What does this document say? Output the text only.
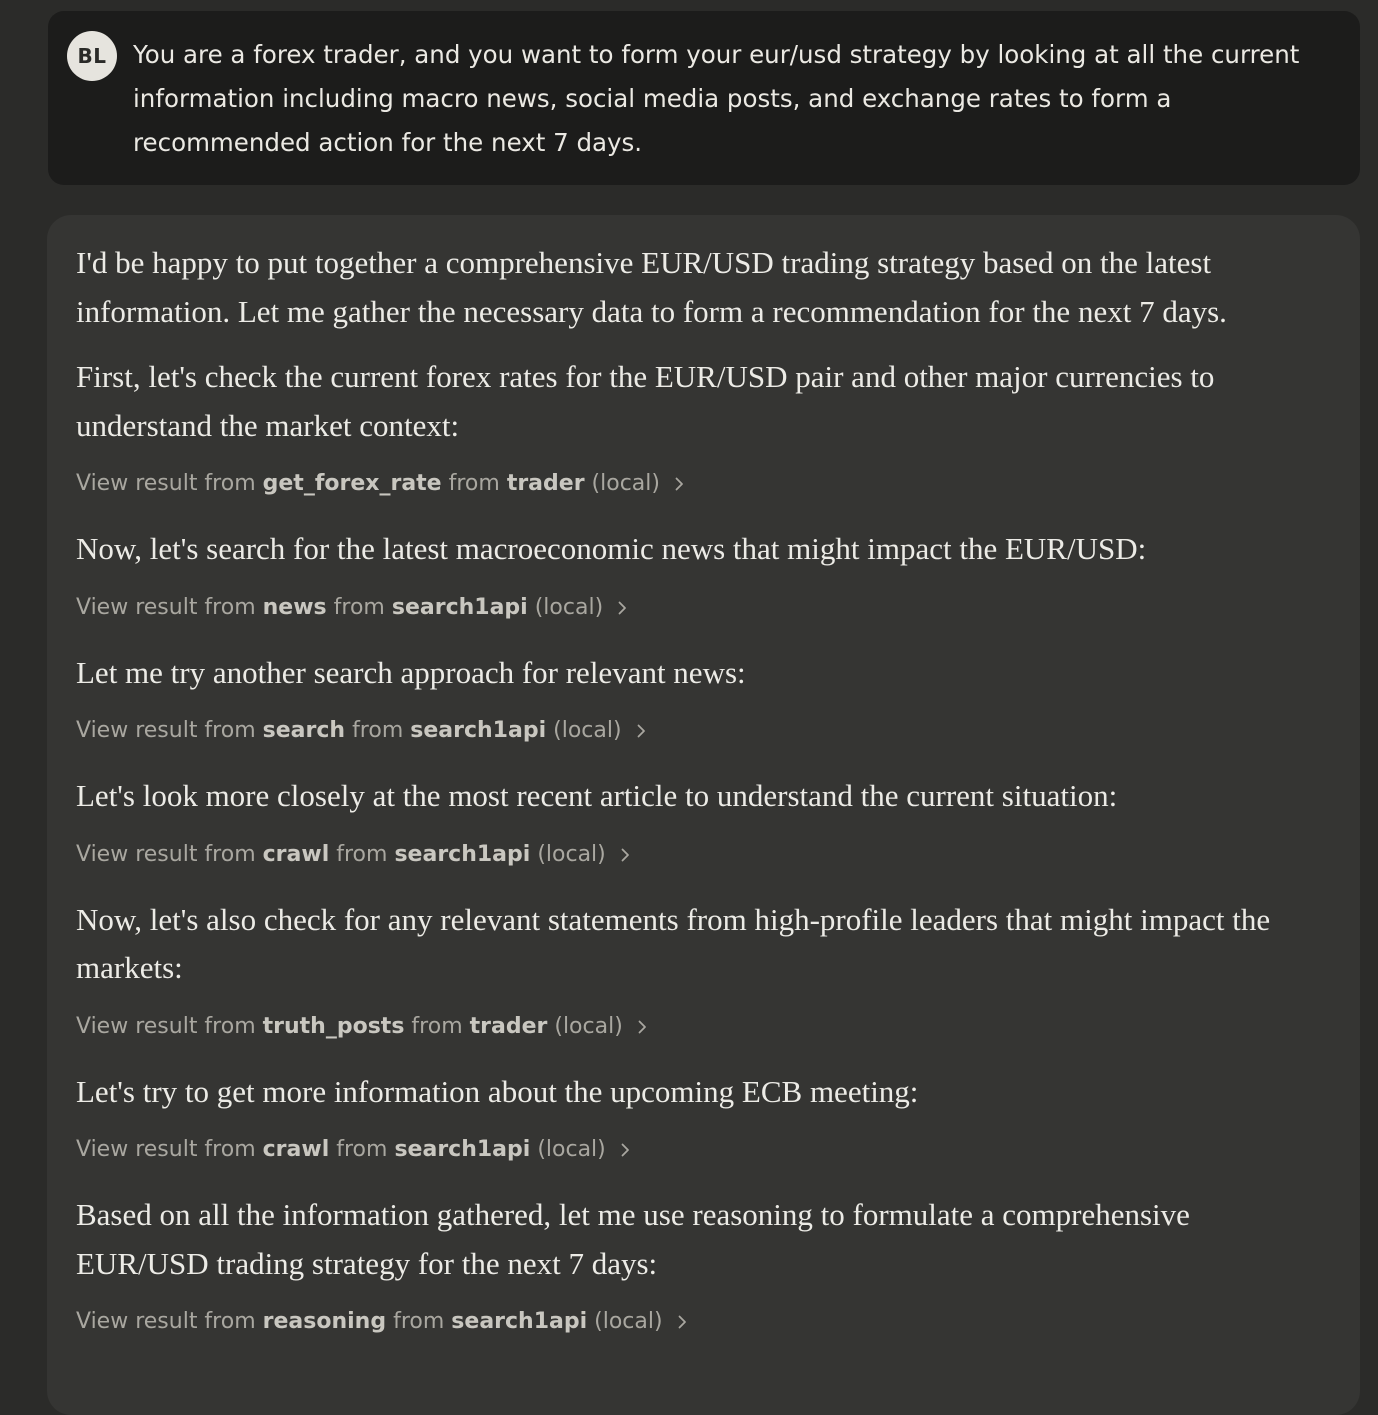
BL	You are a forex trader, and you want to form your eur/usd strategy by looking at all the current information including macro news, social media posts, and exchange rates to form a recommended action for the next 7 days.

I'd be happy to put together a comprehensive EUR/USD trading strategy based on the latest information. Let me gather the necessary data to form a recommendation for the next 7 days.

First, let's check the current forex rates for the EUR/USD pair and other major currencies to understand the market context:

View result from
get_forex_rate
from
trader
(local)

Now, let's search for the latest macroeconomic news that might impact the EUR/USD:

View result from
news
from
search1api
(local)

Let me try another search approach for relevant news:

View result from
search
from
search1api
(local)

Let's look more closely at the most recent article to understand the current situation:

View result from
crawl
from
search1api
(local)

Now, let's also check for any relevant statements from high-profile leaders that might impact the markets:

View result from
truth_posts
from
trader
(local)

Let's try to get more information about the upcoming ECB meeting:

View result from
crawl
from
search1api
(local)

Based on all the information gathered, let me use reasoning to formulate a comprehensive EUR/USD trading strategy for the next 7 days:

View result from
reasoning
from
search1api
(local)
